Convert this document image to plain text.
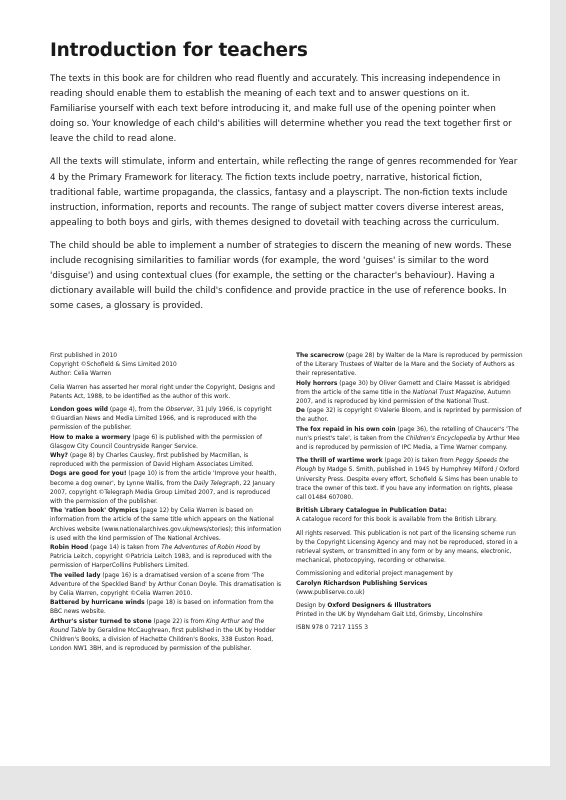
Introduction for teachers

The texts in this book are for children who read fluently and accurately. This increasing independence in reading should enable them to establish the meaning of each text and to answer questions on it. Familiarise yourself with each text before introducing it, and make full use of the opening pointer when doing so. Your knowledge of each child's abilities will determine whether you read the text together first or leave the child to read alone.

All the texts will stimulate, inform and entertain, while reflecting the range of genres recommended for Year 4 by the Primary Framework for literacy. The fiction texts include poetry, narrative, historical fiction, traditional fable, wartime propaganda, the classics, fantasy and a playscript. The non-fiction texts include instruction, information, reports and recounts. The range of subject matter covers diverse interest areas, appealing to both boys and girls, with themes designed to dovetail with teaching across the curriculum.

The child should be able to implement a number of strategies to discern the meaning of new words. These include recognising similarities to familiar words (for example, the word 'guises' is similar to the word 'disguise') and using contextual clues (for example, the setting or the character's behaviour). Having a dictionary available will build the child's confidence and provide practice in the use of reference books. In some cases, a glossary is provided.

First published in 2010

Copyright ©Schofield & Sims Limited 2010

Author: Celia Warren

Celia Warren has asserted her moral right under the Copyright, Designs and Patents Act, 1988, to be identified as the author of this work.

London goes wild (page 4), from the Observer, 31 July 1966, is copyright ©Guardian News and Media Limited 1966, and is reproduced with the permission of the publisher.

How to make a wormery (page 6) is published with the permission of Glasgow City Council Countryside Ranger Service.

Why? (page 8) by Charles Causley, first published by Macmillan, is reproduced with the permission of David Higham Associates Limited.

Dogs are good for you! (page 10) is from the article 'Improve your health, become a dog owner', by Lynne Wallis, from the Daily Telegraph, 22 January 2007, copyright ©Telegraph Media Group Limited 2007, and is reproduced with the permission of the publisher.

The 'ration book' Olympics (page 12) by Celia Warren is based on information from the article of the same title which appears on the National Archives website (www.nationalarchives.gov.uk/news/stories); this information is used with the kind permission of The National Archives.

Robin Hood (page 14) is taken from The Adventures of Robin Hood by Patricia Leitch, copyright ©Patricia Leitch 1983, and is reproduced with the permission of HarperCollins Publishers Limited.

The veiled lady (page 16) is a dramatised version of a scene from 'The Adventure of the Speckled Band' by Arthur Conan Doyle. This dramatisation is by Celia Warren, copyright ©Celia Warren 2010.

Battered by hurricane winds (page 18) is based on information from the BBC news website.

Arthur's sister turned to stone (page 22) is from King Arthur and the Round Table by Geraldine McCaughrean, first published in the UK by Hodder Children's Books, a division of Hachette Children's Books, 338 Euston Road, London NW1 3BH, and is reproduced by permission of the publisher.

The scarecrow (page 28) by Walter de la Mare is reproduced by permission of the Literary Trustees of Walter de la Mare and the Society of Authors as their representative.

Holy horrors (page 30) by Oliver Garnett and Claire Masset is abridged from the article of the same title in the National Trust Magazine, Autumn 2007, and is reproduced by kind permission of the National Trust.

De (page 32) is copyright ©Valerie Bloom, and is reprinted by permission of the author.

The fox repaid in his own coin (page 36), the retelling of Chaucer's 'The nun's priest's tale', is taken from the Children's Encyclopedia by Arthur Mee and is reproduced by permission of IPC Media, a Time Warner company.

The thrill of wartime work (page 20) is taken from Peggy Speeds the Plough by Madge S. Smith, published in 1945 by Humphrey Milford / Oxford University Press. Despite every effort, Schofield & Sims has been unable to trace the owner of this text. If you have any information on rights, please call 01484 607080.

British Library Catalogue in Publication Data:

A catalogue record for this book is available from the British Library.

All rights reserved. This publication is not part of the licensing scheme run by the Copyright Licensing Agency and may not be reproduced, stored in a retrieval system, or transmitted in any form or by any means, electronic, mechanical, photocopying, recording or otherwise.

Commissioning and editorial project management by

Carolyn Richardson Publishing Services

(www.publiserve.co.uk)

Design by Oxford Designers & Illustrators

Printed in the UK by Wyndeham Gait Ltd, Grimsby, Lincolnshire

ISBN 978 0 7217 1155 3
